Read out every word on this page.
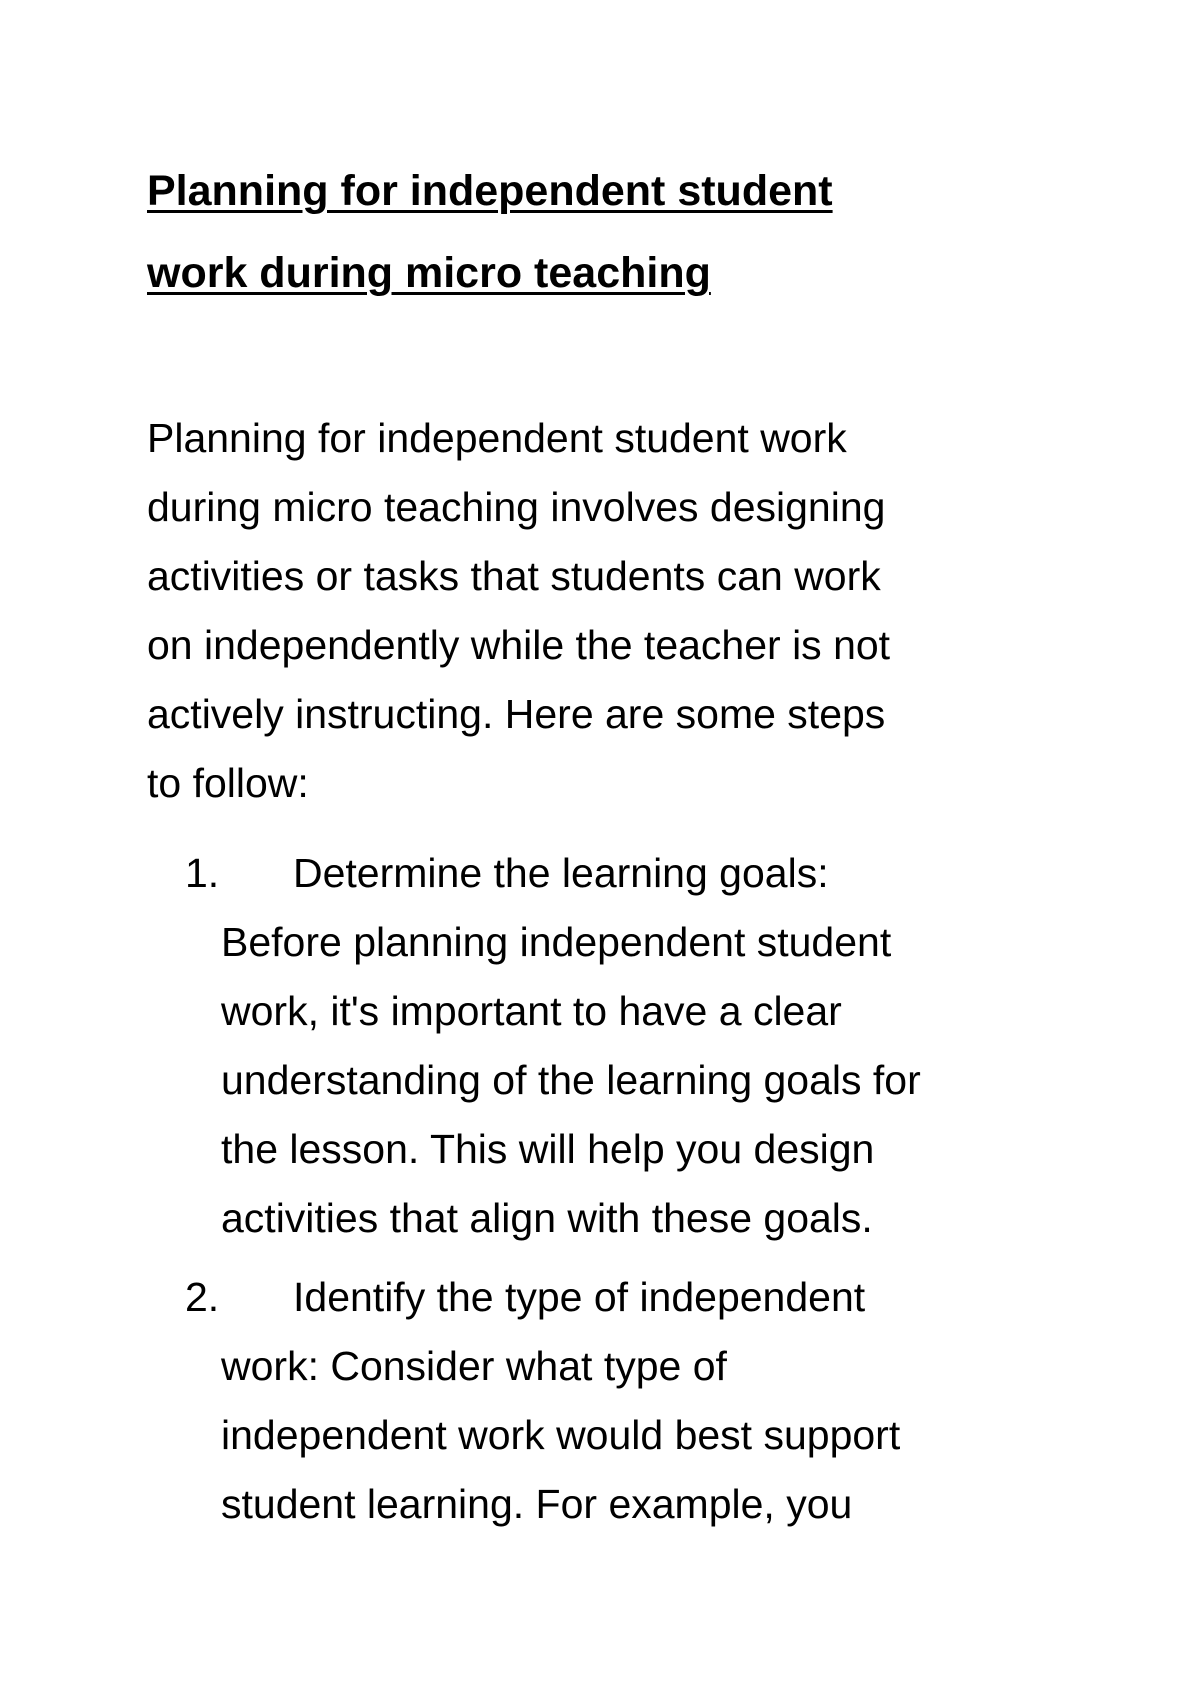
Planning for independent student
work during micro teaching

Planning for independent student work
during micro teaching involves designing
activities or tasks that students can work
on independently while the teacher is not
actively instructing. Here are some steps
to follow:

1.	Determine the learning goals:
Before planning independent student
work, it's important to have a clear
understanding of the learning goals for
the lesson. This will help you design
activities that align with these goals.
2.	Identify the type of independent
work: Consider what type of
independent work would best support
student learning. For example, you
